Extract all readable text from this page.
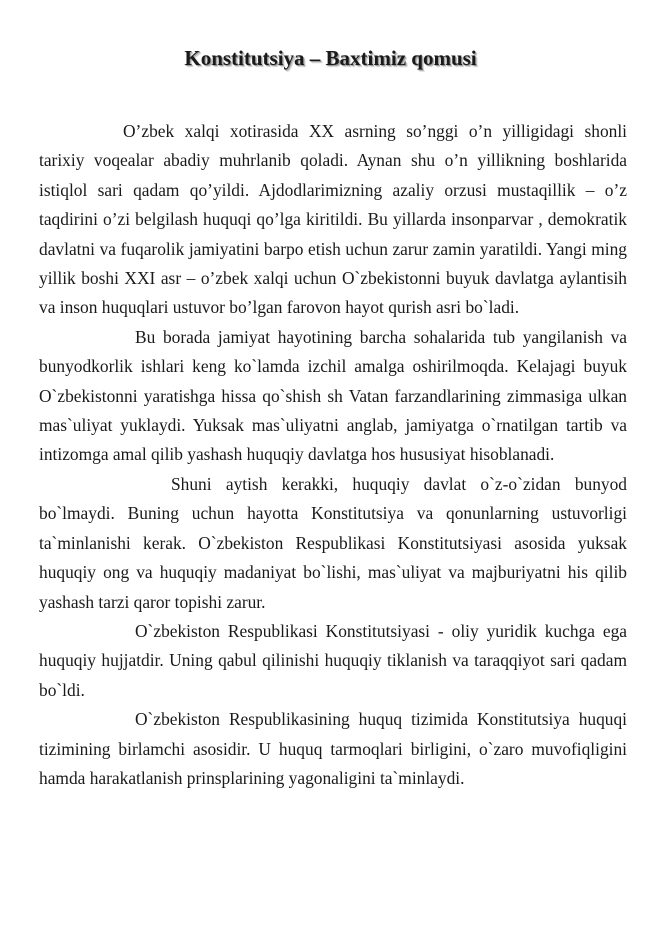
Konstitutsiya – Baxtimiz qomusi

O’zbek xalqi xotirasida XX asrning so’nggi o’n yilligidagi shonli tarixiy voqealar abadiy muhrlanib qoladi. Aynan shu o’n yillikning boshlarida istiqlol sari qadam qo’yildi. Ajdodlarimizning azaliy orzusi mustaqillik – o’z taqdirini o’zi belgilash huquqi qo’lga kiritildi. Bu yillarda insonparvar , demokratik davlatni va fuqarolik jamiyatini barpo etish uchun zarur zamin yaratildi. Yangi ming yillik boshi XXI asr – o’zbek xalqi uchun O`zbekistonni buyuk davlatga aylantisih va inson huquqlari ustuvor bo’lgan farovon hayot qurish asri bo`ladi.

Bu borada jamiyat hayotining barcha sohalarida tub yangilanish va bunyodkorlik ishlari keng ko`lamda izchil amalga oshirilmoqda. Kelajagi buyuk O`zbekistonni yaratishga hissa qo`shish sh Vatan farzandlarining zimmasiga ulkan mas`uliyat yuklaydi. Yuksak mas`uliyatni anglab, jamiyatga o`rnatilgan tartib va intizomga amal qilib yashash huquqiy davlatga hos hususiyat hisoblanadi.

Shuni aytish kerakki, huquqiy davlat o`z-o`zidan bunyod bo`lmaydi. Buning uchun hayotta Konstitutsiya va qonunlarning ustuvorligi ta`minlanishi kerak. O`zbekiston Respublikasi Konstitutsiyasi asosida yuksak huquqiy ong va huquqiy madaniyat bo`lishi, mas`uliyat va majburiyatni his qilib yashash tarzi qaror topishi zarur.

O`zbekiston Respublikasi Konstitutsiyasi - oliy yuridik kuchga ega huquqiy hujjatdir. Uning qabul qilinishi huquqiy tiklanish va taraqqiyot sari qadam bo`ldi.

O`zbekiston Respublikasining huquq tizimida Konstitutsiya huquqi tizimining birlamchi asosidir. U huquq tarmoqlari birligini, o`zaro muvofiqligini hamda harakatlanish prinsplarining yagonaligini ta`minlaydi.
